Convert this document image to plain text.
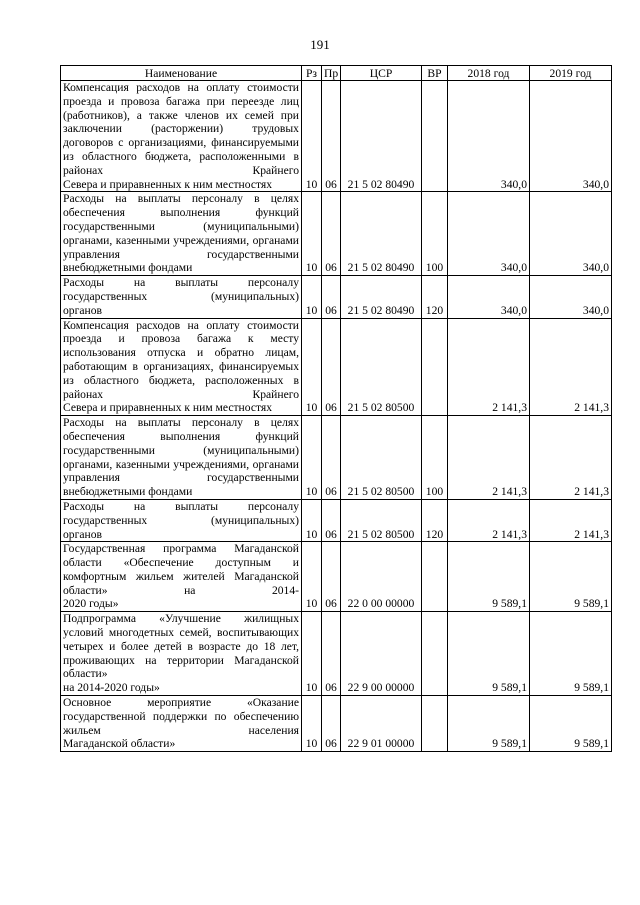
191
Наименование	Рз	Пр	ЦСР	ВР	2018 год	2019 год
Компенсация расходов на оплату стоимости проезда и провоза багажа при переезде лиц (работников), а также членов их семей при заключении (расторжении) трудовых договоров с организациями, финансируемыми из областного бюджета, расположенными в районах Крайнего
Севера и приравненных к ним местностях	10	06	21 5 02 80490		340,0	340,0
Расходы на выплаты персоналу в целях обеспечения выполнения функций государственными (муниципальными) органами, казенными учреждениями, органами управления государственными
внебюджетными фондами	10	06	21 5 02 80490	100	340,0	340,0
Расходы на выплаты персоналу государственных (муниципальных)
органов	10	06	21 5 02 80490	120	340,0	340,0
Компенсация расходов на оплату стоимости проезда и провоза багажа к месту использования отпуска и обратно лицам, работающим в организациях, финансируемых из областного бюджета, расположенных в районах Крайнего
Севера и приравненных к ним местностях	10	06	21 5 02 80500		2 141,3	2 141,3
Расходы на выплаты персоналу в целях обеспечения выполнения функций государственными (муниципальными) органами, казенными учреждениями, органами управления государственными
внебюджетными фондами	10	06	21 5 02 80500	100	2 141,3	2 141,3
Расходы на выплаты персоналу государственных (муниципальных)
органов	10	06	21 5 02 80500	120	2 141,3	2 141,3
Государственная программа Магаданской области «Обеспечение доступным и комфортным жильем жителей Магаданской области» на 2014-
2020 годы»	10	06	22 0 00 00000		9 589,1	9 589,1
Подпрограмма «Улучшение жилищных условий многодетных семей, воспитывающих четырех и более детей в возрасте до 18 лет, проживающих на территории Магаданской области»
на 2014-2020 годы»	10	06	22 9 00 00000		9 589,1	9 589,1
Основное мероприятие «Оказание государственной поддержки по обеспечению жильем населения
Магаданской области»	10	06	22 9 01 00000		9 589,1	9 589,1
